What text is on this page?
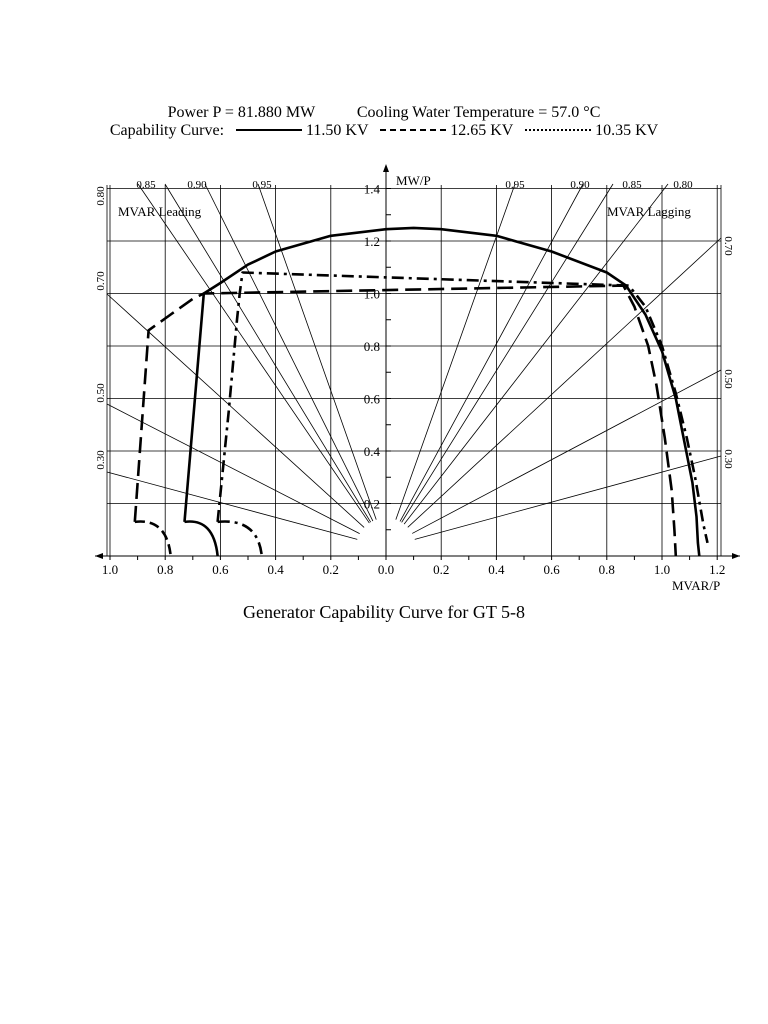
Power P = 81.880 MW	Cooling Water Temperature = 57.0 °C
Capability Curve:	11.50 KV	12.65 KV	10.35 KV
1.0	0.8	0.6	0.4	0.2	0.0	0.2	0.4	0.6	0.8	1.0	1.2
0.2
0.4
0.6
0.8
1.0
1.2
1.4
0.85	0.90	0.95	0.95	0.90	0.85	0.80
0.80
0.70
0.50
0.30
0.70
0.50
0.30
MW/P
MVAR/P
MVAR Leading	MVAR Lagging
Generator Capability Curve for GT 5-8
